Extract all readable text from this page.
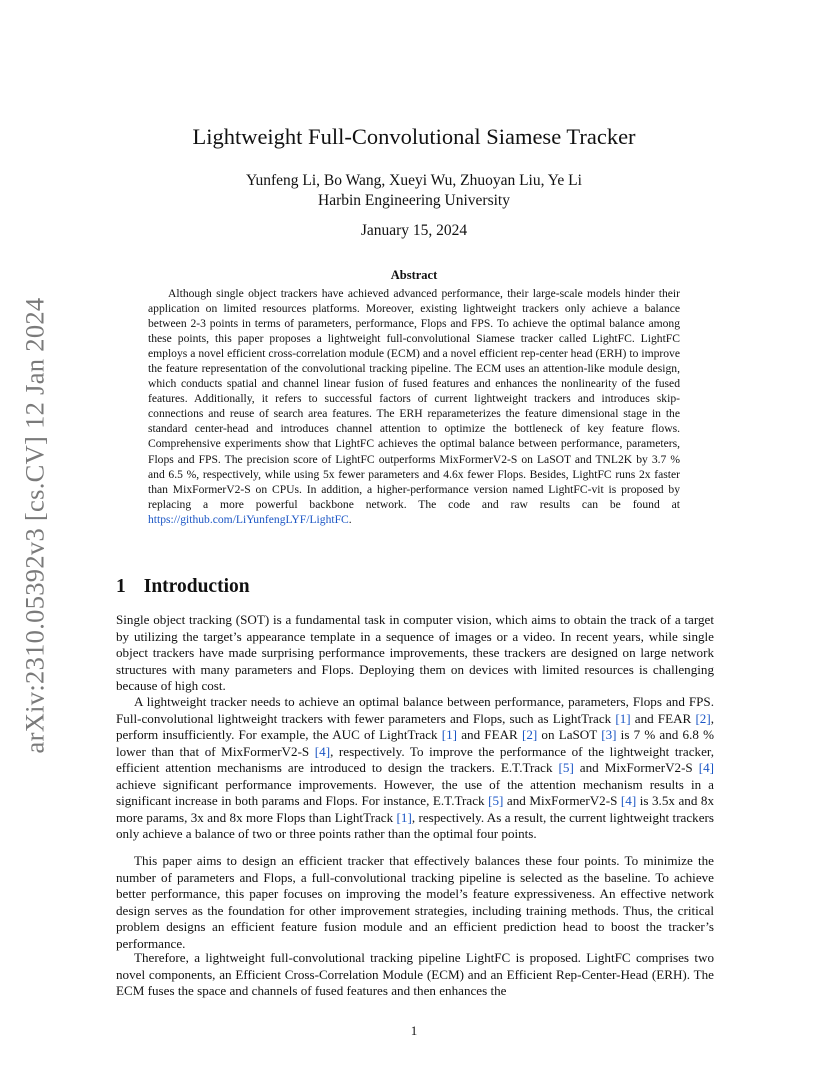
arXiv:2310.05392v3 [cs.CV] 12 Jan 2024
Lightweight Full-Convolutional Siamese Tracker
Yunfeng Li, Bo Wang, Xueyi Wu, Zhuoyan Liu, Ye Li
Harbin Engineering University
January 15, 2024
Abstract

Although single object trackers have achieved advanced performance, their large-scale models hinder their application on limited resources platforms. Moreover, existing lightweight trackers only achieve a balance between 2-3 points in terms of parameters, performance, Flops and FPS. To achieve the optimal balance among these points, this paper proposes a lightweight full-convolutional Siamese tracker called LightFC. LightFC employs a novel efficient cross-correlation module (ECM) and a novel efficient rep-center head (ERH) to improve the feature representation of the convolutional tracking pipeline. The ECM uses an attention-like module design, which conducts spatial and channel linear fusion of fused features and enhances the nonlinearity of the fused features. Additionally, it refers to successful factors of current lightweight trackers and introduces skip-connections and reuse of search area features. The ERH reparameterizes the feature dimensional stage in the standard center-head and introduces channel attention to optimize the bottleneck of key feature flows. Comprehensive experiments show that LightFC achieves the optimal balance between performance, parameters, Flops and FPS. The precision score of LightFC outperforms MixFormerV2-S on LaSOT and TNL2K by 3.7 % and 6.5 %, respectively, while using 5x fewer parameters and 4.6x fewer Flops. Besides, LightFC runs 2x faster than MixFormerV2-S on CPUs. In addition, a higher-performance version named LightFC-vit is proposed by replacing a more powerful backbone network. The code and raw results can be found at https://github.com/LiYunfengLYF/LightFC.

1 Introduction

Single object tracking (SOT) is a fundamental task in computer vision, which aims to obtain the track of a target by utilizing the target’s appearance template in a sequence of images or a video. In recent years, while single object trackers have made surprising performance improvements, these trackers are designed on large network structures with many parameters and Flops. Deploying them on devices with limited resources is challenging because of high cost.

A lightweight tracker needs to achieve an optimal balance between performance, parameters, Flops and FPS. Full-convolutional lightweight trackers with fewer parameters and Flops, such as LightTrack [1] and FEAR [2], perform insufficiently. For example, the AUC of LightTrack [1] and FEAR [2] on LaSOT [3] is 7 % and 6.8 % lower than that of MixFormerV2-S [4], respectively. To improve the performance of the lightweight tracker, efficient attention mechanisms are introduced to design the trackers. E.T.Track [5] and MixFormerV2-S [4] achieve significant performance improvements. However, the use of the attention mechanism results in a significant increase in both params and Flops. For instance, E.T.Track [5] and MixFormerV2-S [4] is 3.5x and 8x more params, 3x and 8x more Flops than LightTrack [1], respectively. As a result, the current lightweight trackers only achieve a balance of two or three points rather than the optimal four points.

This paper aims to design an efficient tracker that effectively balances these four points. To minimize the number of parameters and Flops, a full-convolutional tracking pipeline is selected as the baseline. To achieve better performance, this paper focuses on improving the model’s feature expressiveness. An effective network design serves as the foundation for other improvement strategies, including training methods. Thus, the critical problem designs an efficient feature fusion module and an efficient prediction head to boost the tracker’s performance.

Therefore, a lightweight full-convolutional tracking pipeline LightFC is proposed. LightFC comprises two novel components, an Efficient Cross-Correlation Module (ECM) and an Efficient Rep-Center-Head (ERH). The ECM fuses the space and channels of fused features and then enhances the

1
